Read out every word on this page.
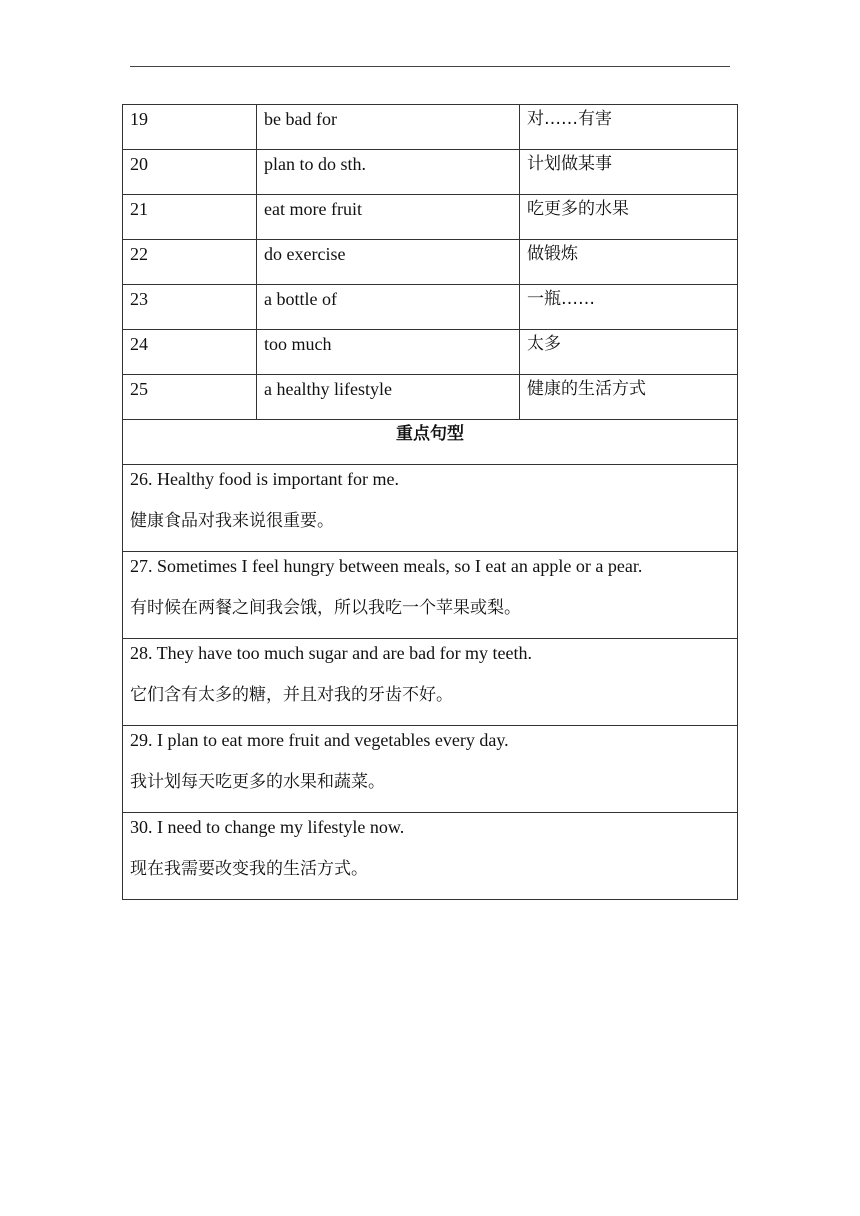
19	be bad for	对……有害
20	plan to do sth.	计划做某事
21	eat more fruit	吃更多的水果
22	do exercise	做锻炼
23	a bottle of	一瓶……
24	too much	太多
25	a healthy lifestyle	健康的生活方式
重点句型		

26. Healthy food is important for me.
健康食品对我来说很重要。		

27. Sometimes I feel hungry between meals, so I eat an apple or a pear.
有时候在两餐之间我会饿，所以我吃一个苹果或梨。		

28. They have too much sugar and are bad for my teeth.
它们含有太多的糖，并且对我的牙齿不好。		

29. I plan to eat more fruit and vegetables every day.
我计划每天吃更多的水果和蔬菜。		

30. I need to change my lifestyle now.
现在我需要改变我的生活方式。		
